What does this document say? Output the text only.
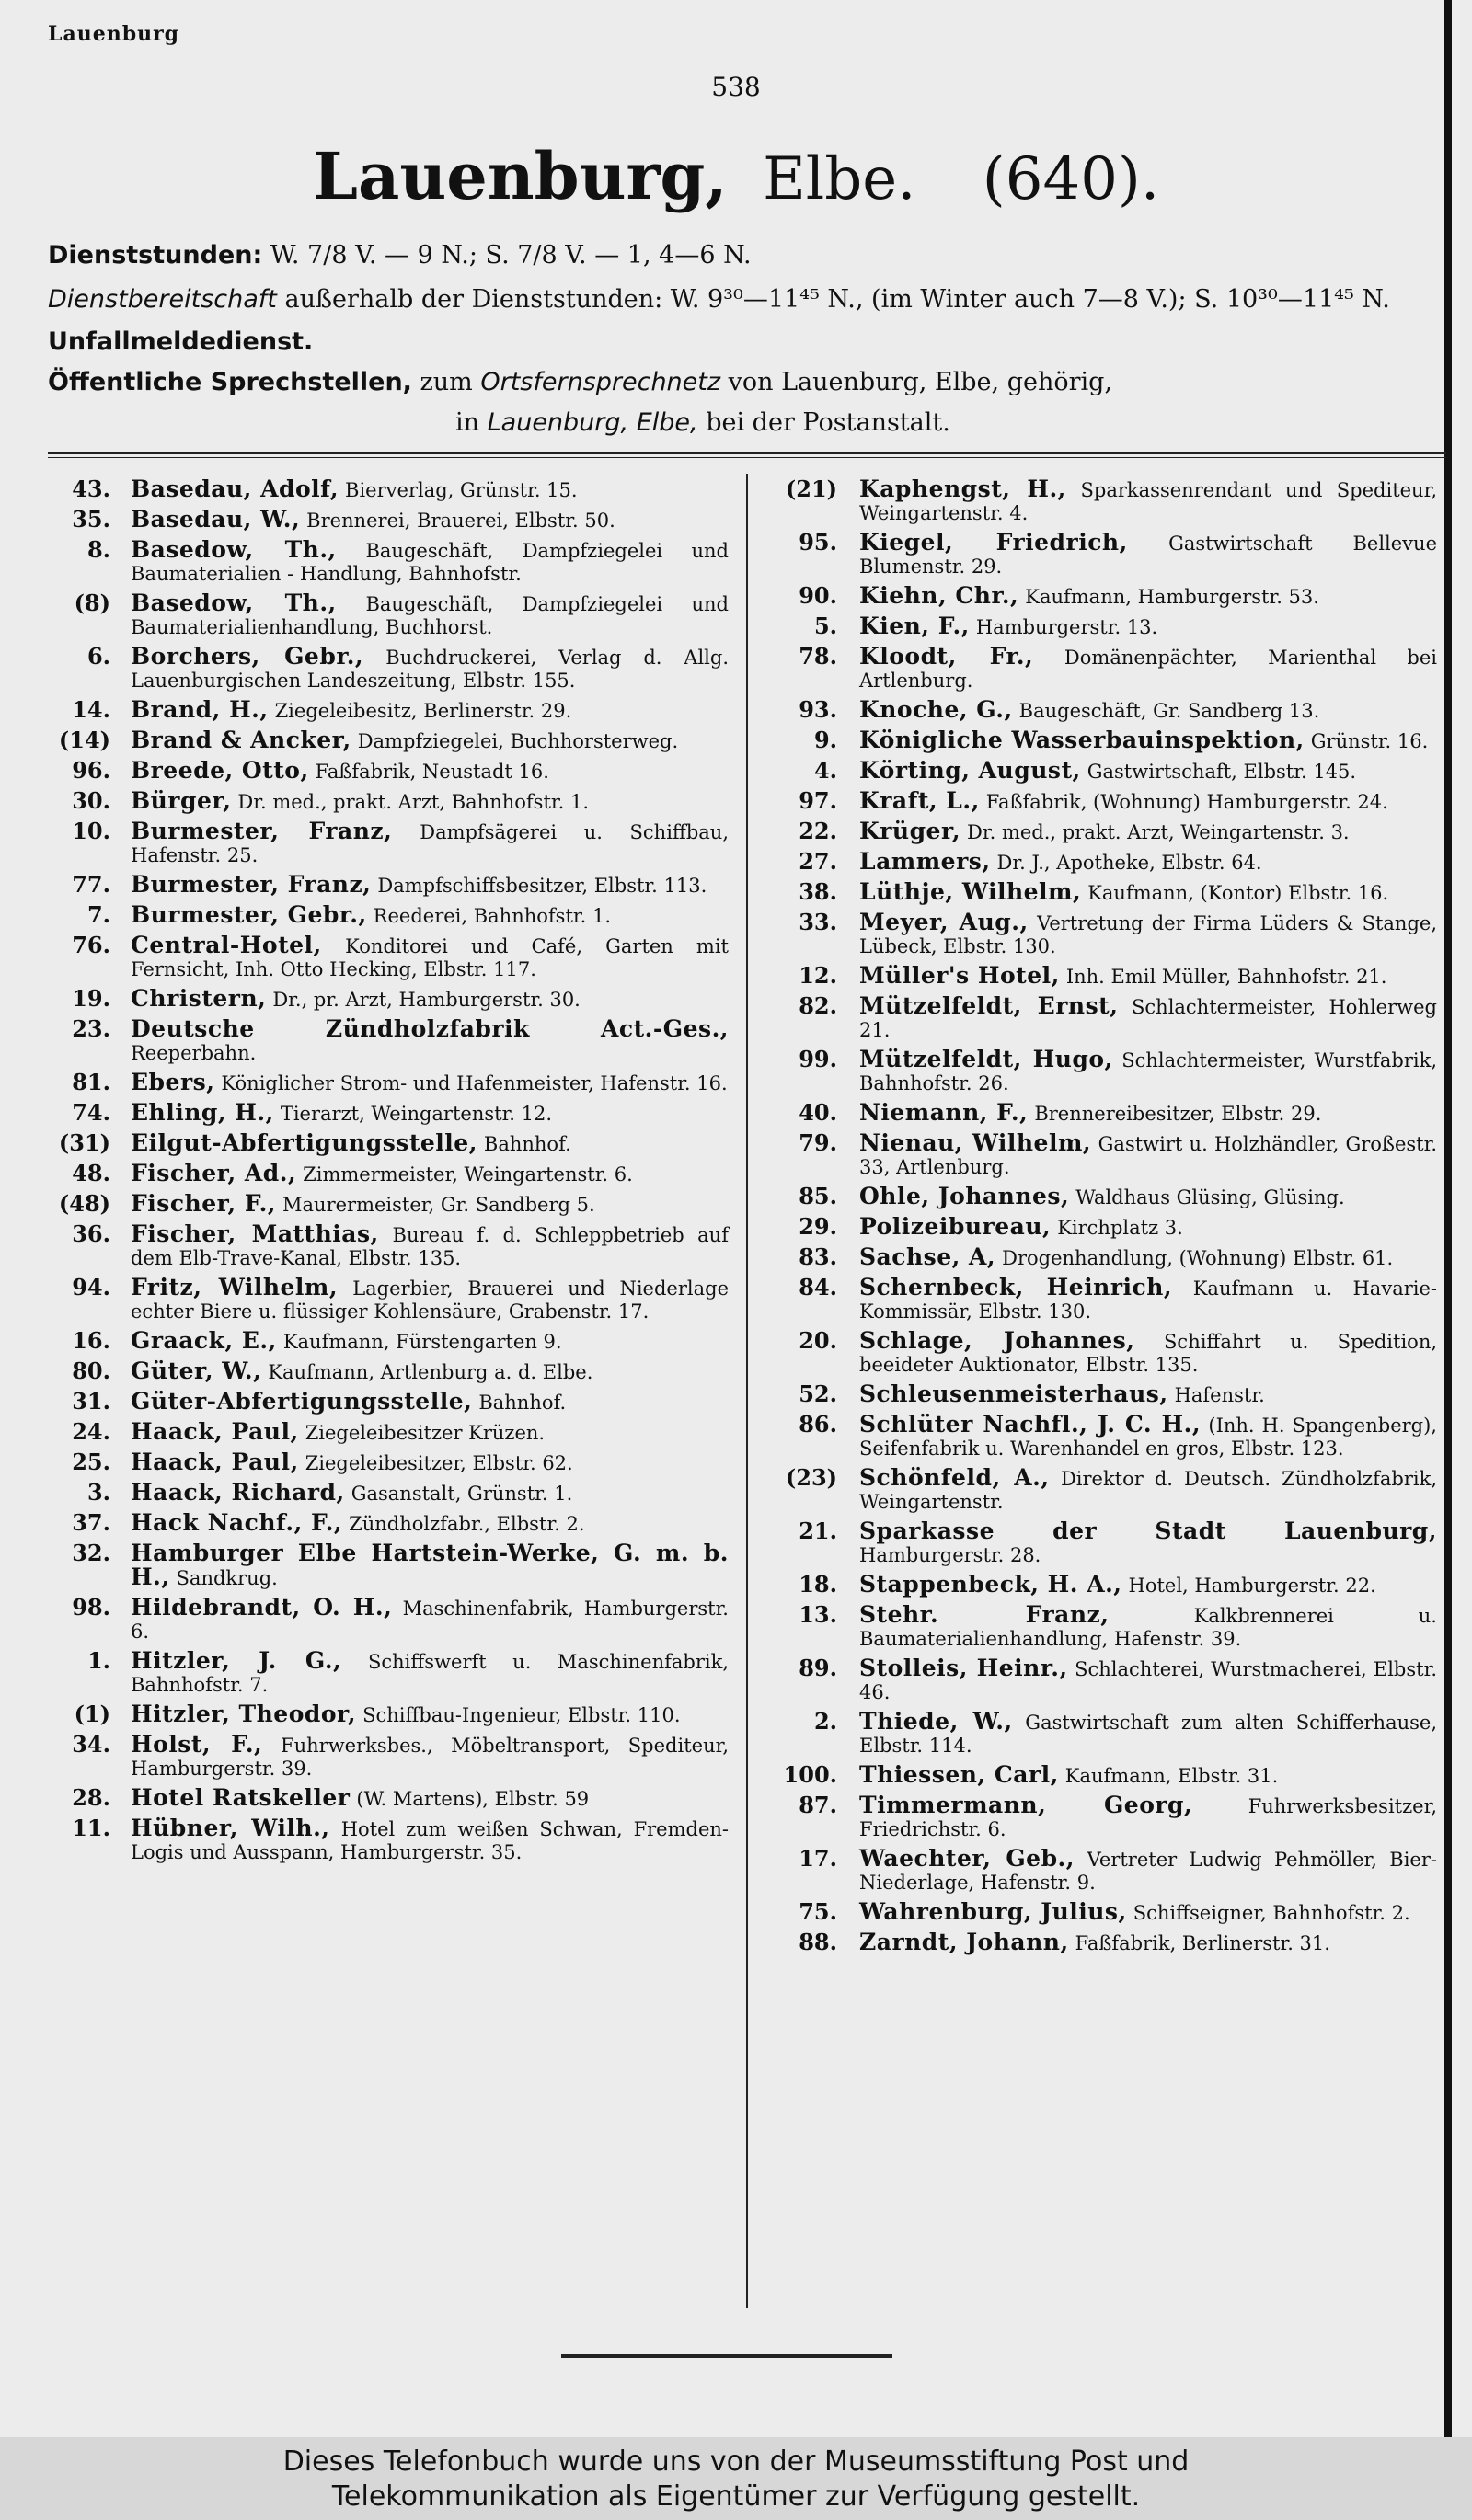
Lauenburg
538
Lauenburg, Elbe. (640).
Dienststunden: W. 7/8 V. — 9 N.; S. 7/8 V. — 1, 4—6 N.
Dienstbereitschaft außerhalb der Dienststunden: W. 9³⁰—11⁴⁵ N., (im Winter auch 7—8 V.); S. 10³⁰—11⁴⁵ N.
Unfallmeldedienst.
Öffentliche Sprechstellen, zum Ortsfernsprechnetz von Lauenburg, Elbe, gehörig,
in Lauenburg, Elbe, bei der Postanstalt.
43. Basedau, Adolf, Bierverlag, Grünstr. 15.
35. Basedau, W., Brennerei, Brauerei, Elbstr. 50.
8. Basedow, Th., Baugeschäft, Dampfziegelei und Baumaterialien - Handlung, Bahnhofstr.
(8) Basedow, Th., Baugeschäft, Dampfziegelei und Baumaterialienhandlung, Buchhorst.
6. Borchers, Gebr., Buchdruckerei, Verlag d. Allg. Lauenburgischen Landeszeitung, Elbstr. 155.
14. Brand, H., Ziegeleibesitz, Berlinerstr. 29.
(14) Brand & Ancker, Dampfziegelei, Buchhorsterweg.
96. Breede, Otto, Faßfabrik, Neustadt 16.
30. Bürger, Dr. med., prakt. Arzt, Bahnhofstr. 1.
10. Burmester, Franz, Dampfsägerei u. Schiffbau, Hafenstr. 25.
77. Burmester, Franz, Dampfschiffsbesitzer, Elbstr. 113.
7. Burmester, Gebr., Reederei, Bahnhofstr. 1.
76. Central-Hotel, Konditorei und Café, Garten mit Fernsicht, Inh. Otto Hecking, Elbstr. 117.
19. Christern, Dr., pr. Arzt, Hamburgerstr. 30.
23. Deutsche Zündholzfabrik Act.-Ges., Reeperbahn.
81. Ebers, Königlicher Strom- und Hafenmeister, Hafenstr. 16.
74. Ehling, H., Tierarzt, Weingartenstr. 12.
(31) Eilgut-Abfertigungsstelle, Bahnhof.
48. Fischer, Ad., Zimmermeister, Weingartenstr. 6.
(48) Fischer, F., Maurermeister, Gr. Sandberg 5.
36. Fischer, Matthias, Bureau f. d. Schleppbetrieb auf dem Elb-Trave-Kanal, Elbstr. 135.
94. Fritz, Wilhelm, Lagerbier, Brauerei und Niederlage echter Biere u. flüssiger Kohlensäure, Grabenstr. 17.
16. Graack, E., Kaufmann, Fürstengarten 9.
80. Güter, W., Kaufmann, Artlenburg a. d. Elbe.
31. Güter-Abfertigungsstelle, Bahnhof.
24. Haack, Paul, Ziegeleibesitzer Krüzen.
25. Haack, Paul, Ziegeleibesitzer, Elbstr. 62.
3. Haack, Richard, Gasanstalt, Grünstr. 1.
37. Hack Nachf., F., Zündholzfabr., Elbstr. 2.
32. Hamburger Elbe Hartstein-Werke, G. m. b. H., Sandkrug.
98. Hildebrandt, O. H., Maschinenfabrik, Hamburgerstr. 6.
1. Hitzler, J. G., Schiffswerft u. Maschinenfabrik, Bahnhofstr. 7.
(1) Hitzler, Theodor, Schiffbau-Ingenieur, Elbstr. 110.
34. Holst, F., Fuhrwerksbes., Möbeltransport, Spediteur, Hamburgerstr. 39.
28. Hotel Ratskeller (W. Martens), Elbstr. 59
11. Hübner, Wilh., Hotel zum weißen Schwan, Fremden-Logis und Ausspann, Hamburgerstr. 35.
(21) Kaphengst, H., Sparkassenrendant und Spediteur, Weingartenstr. 4.
95. Kiegel, Friedrich, Gastwirtschaft Bellevue Blumenstr. 29.
90. Kiehn, Chr., Kaufmann, Hamburgerstr. 53.
5. Kien, F., Hamburgerstr. 13.
78. Kloodt, Fr., Domänenpächter, Marienthal bei Artlenburg.
93. Knoche, G., Baugeschäft, Gr. Sandberg 13.
9. Königliche Wasserbauinspektion, Grünstr. 16.
4. Körting, August, Gastwirtschaft, Elbstr. 145.
97. Kraft, L., Faßfabrik, (Wohnung) Hamburgerstr. 24.
22. Krüger, Dr. med., prakt. Arzt, Weingartenstr. 3.
27. Lammers, Dr. J., Apotheke, Elbstr. 64.
38. Lüthje, Wilhelm, Kaufmann, (Kontor) Elbstr. 16.
33. Meyer, Aug., Vertretung der Firma Lüders & Stange, Lübeck, Elbstr. 130.
12. Müller's Hotel, Inh. Emil Müller, Bahnhofstr. 21.
82. Mützelfeldt, Ernst, Schlachtermeister, Hohlerweg 21.
99. Mützelfeldt, Hugo, Schlachtermeister, Wurstfabrik, Bahnhofstr. 26.
40. Niemann, F., Brennereibesitzer, Elbstr. 29.
79. Nienau, Wilhelm, Gastwirt u. Holzhändler, Großestr. 33, Artlenburg.
85. Ohle, Johannes, Waldhaus Glüsing, Glüsing.
29. Polizeibureau, Kirchplatz 3.
83. Sachse, A, Drogenhandlung, (Wohnung) Elbstr. 61.
84. Schernbeck, Heinrich, Kaufmann u. Havarie-Kommissär, Elbstr. 130.
20. Schlage, Johannes, Schiffahrt u. Spedition, beeideter Auktionator, Elbstr. 135.
52. Schleusenmeisterhaus, Hafenstr.
86. Schlüter Nachfl., J. C. H., (Inh. H. Spangenberg), Seifenfabrik u. Warenhandel en gros, Elbstr. 123.
(23) Schönfeld, A., Direktor d. Deutsch. Zündholzfabrik, Weingartenstr.
21. Sparkasse der Stadt Lauenburg, Hamburgerstr. 28.
18. Stappenbeck, H. A., Hotel, Hamburgerstr. 22.
13. Stehr. Franz,	Kalkbrennerei u. Baumaterialienhandlung, Hafenstr. 39.
89. Stolleis, Heinr., Schlachterei, Wurstmacherei, Elbstr. 46.
2. Thiede, W., Gastwirtschaft zum alten Schifferhause, Elbstr. 114.
100. Thiessen, Carl, Kaufmann, Elbstr. 31.
87. Timmermann, Georg,	Fuhrwerksbesitzer, Friedrichstr. 6.
17. Waechter, Geb., Vertreter Ludwig Pehmöller, Bier-Niederlage, Hafenstr. 9.
75. Wahrenburg, Julius, Schiffseigner, Bahnhofstr. 2.
88. Zarndt, Johann, Faßfabrik, Berlinerstr. 31.
Dieses Telefonbuch wurde uns von der Museumsstiftung Post und
Telekommunikation als Eigentümer zur Verfügung gestellt.
